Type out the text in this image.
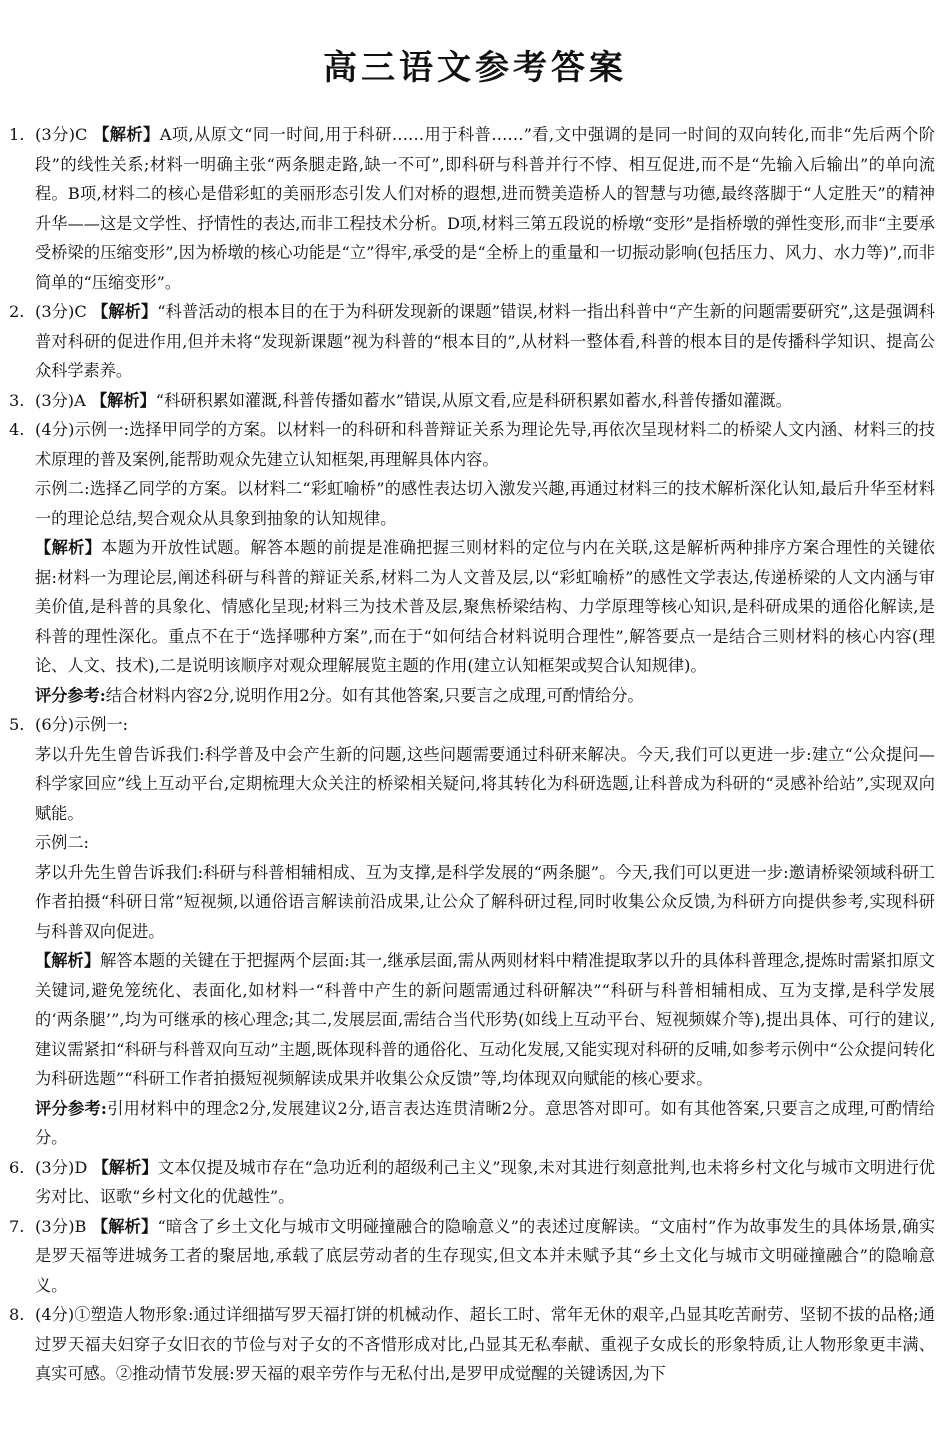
高三语文参考答案
1. (3分)C 【解析】A项,从原文“同一时间,用于科研……用于科普……”看,文中强调的是同一时间的双向转化,而非“先后两个阶段”的线性关系;材料一明确主张“两条腿走路,缺一不可”,即科研与科普并行不悖、相互促进,而不是“先输入后输出”的单向流程。B项,材料二的核心是借彩虹的美丽形态引发人们对桥的遐想,进而赞美造桥人的智慧与功德,最终落脚于“人定胜天”的精神升华——这是文学性、抒情性的表达,而非工程技术分析。D项,材料三第五段说的桥墩“变形”是指桥墩的弹性变形,而非“主要承受桥梁的压缩变形”,因为桥墩的核心功能是“立”得牢,承受的是“全桥上的重量和一切振动影响(包括压力、风力、水力等)”,而非简单的“压缩变形”。
2. (3分)C 【解析】“科普活动的根本目的在于为科研发现新的课题”错误,材料一指出科普中“产生新的问题需要研究”,这是强调科普对科研的促进作用,但并未将“发现新课题”视为科普的“根本目的”,从材料一整体看,科普的根本目的是传播科学知识、提高公众科学素养。
3. (3分)A 【解析】“科研积累如灌溉,科普传播如蓄水”错误,从原文看,应是科研积累如蓄水,科普传播如灌溉。
4. (4分)示例一:选择甲同学的方案。以材料一的科研和科普辩证关系为理论先导,再依次呈现材料二的桥梁人文内涵、材料三的技术原理的普及案例,能帮助观众先建立认知框架,再理解具体内容。

示例二:选择乙同学的方案。以材料二“彩虹喻桥”的感性表达切入激发兴趣,再通过材料三的技术解析深化认知,最后升华至材料一的理论总结,契合观众从具象到抽象的认知规律。

【解析】本题为开放性试题。解答本题的前提是准确把握三则材料的定位与内在关联,这是解析两种排序方案合理性的关键依据:材料一为理论层,阐述科研与科普的辩证关系,材料二为人文普及层,以“彩虹喻桥”的感性文学表达,传递桥梁的人文内涵与审美价值,是科普的具象化、情感化呈现;材料三为技术普及层,聚焦桥梁结构、力学原理等核心知识,是科研成果的通俗化解读,是科普的理性深化。重点不在于“选择哪种方案”,而在于“如何结合材料说明合理性”,解答要点一是结合三则材料的核心内容(理论、人文、技术),二是说明该顺序对观众理解展览主题的作用(建立认知框架或契合认知规律)。

评分参考:结合材料内容2分,说明作用2分。如有其他答案,只要言之成理,可酌情给分。

5. (6分)示例一:

茅以升先生曾告诉我们:科学普及中会产生新的问题,这些问题需要通过科研来解决。今天,我们可以更进一步:建立“公众提问—科学家回应”线上互动平台,定期梳理大众关注的桥梁相关疑问,将其转化为科研选题,让科普成为科研的“灵感补给站”,实现双向赋能。

示例二:

茅以升先生曾告诉我们:科研与科普相辅相成、互为支撑,是科学发展的“两条腿”。今天,我们可以更进一步:邀请桥梁领域科研工作者拍摄“科研日常”短视频,以通俗语言解读前沿成果,让公众了解科研过程,同时收集公众反馈,为科研方向提供参考,实现科研与科普双向促进。

【解析】解答本题的关键在于把握两个层面:其一,继承层面,需从两则材料中精准提取茅以升的具体科普理念,提炼时需紧扣原文关键词,避免笼统化、表面化,如材料一“科普中产生的新问题需通过科研解决”“科研与科普相辅相成、互为支撑,是科学发展的‘两条腿’”,均为可继承的核心理念;其二,发展层面,需结合当代形势(如线上互动平台、短视频媒介等),提出具体、可行的建议,建议需紧扣“科研与科普双向互动”主题,既体现科普的通俗化、互动化发展,又能实现对科研的反哺,如参考示例中“公众提问转化为科研选题”“科研工作者拍摄短视频解读成果并收集公众反馈”等,均体现双向赋能的核心要求。

评分参考:引用材料中的理念2分,发展建议2分,语言表达连贯清晰2分。意思答对即可。如有其他答案,只要言之成理,可酌情给分。

6. (3分)D 【解析】文本仅提及城市存在“急功近利的超级利己主义”现象,未对其进行刻意批判,也未将乡村文化与城市文明进行优劣对比、讴歌“乡村文化的优越性”。
7. (3分)B 【解析】“暗含了乡土文化与城市文明碰撞融合的隐喻意义”的表述过度解读。“文庙村”作为故事发生的具体场景,确实是罗天福等进城务工者的聚居地,承载了底层劳动者的生存现实,但文本并未赋予其“乡土文化与城市文明碰撞融合”的隐喻意义。
8. (4分)①塑造人物形象:通过详细描写罗天福打饼的机械动作、超长工时、常年无休的艰辛,凸显其吃苦耐劳、坚韧不拔的品格;通过罗天福夫妇穿子女旧衣的节俭与对子女的不吝惜形成对比,凸显其无私奉献、重视子女成长的形象特质,让人物形象更丰满、真实可感。②推动情节发展:罗天福的艰辛劳作与无私付出,是罗甲成觉醒的关键诱因,为下
